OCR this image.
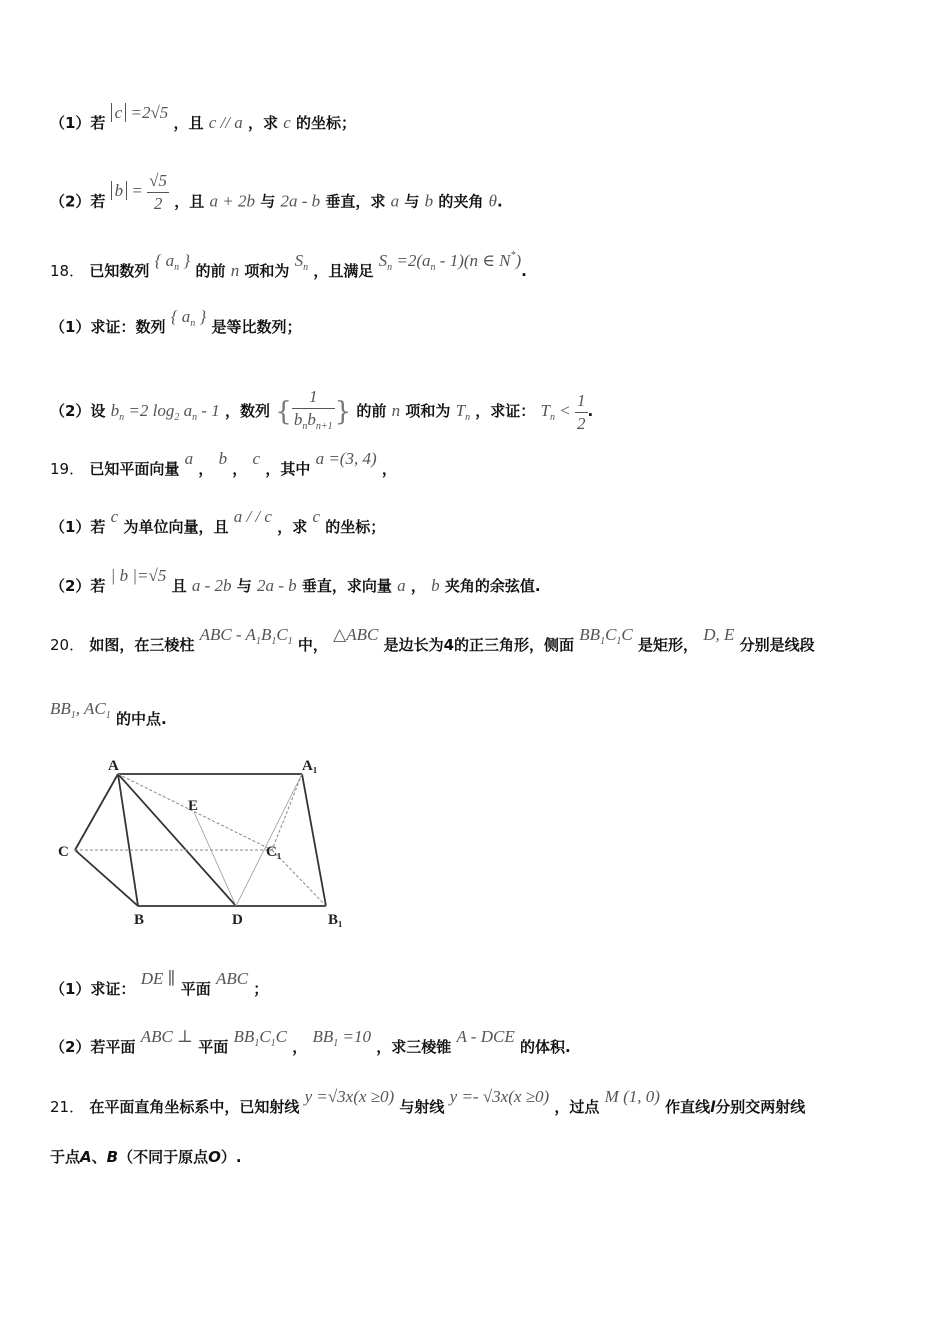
（1）若 c =2√5 ，且 c // a ，求 c 的坐标；
（2）若 $b = \frac{√5}{2}$ ，且 a + 2b 与 2a - b 垂直，求 a 与 b 的夹角 θ.
18． 已知数列 { $a_n$ } 的前 n 项和为 $S_n$ ，且满足 $S_n =2(a_n - 1)(n$ ∈ N*).
（1）求证：数列 { $a_n$ } 是等比数列；
（2）设 $b_n =2$ $\log_2 a_n - 1$ ，数列 { $\frac{1}{b_nb_{n+1}}$ } 的前 n 项和为 $T_n$ ，求证： $T_n < \frac{1}{2}$ .
19． 已知平面向量 a ， b ， c ，其中 a =(3, 4) ，
（1）若 c 为单位向量，且 a / / c ，求 c 的坐标；
（2）若 | b |=√5 且 a - 2b 与 2a - b 垂直，求向量 a ， b 夹角的余弦值.
20． 如图，在三棱柱 ABC - $A_1B_1C_1$ 中， △ABC 是边长为4的正三角形，侧面 $BB_1C_1C$ 是矩形， D, E 分别是线段
$BB_1$, $AC_1$ 的中点.
A	A₁
E
C	C₁
B	D	B₁
（1）求证： DE ∥ 平面 ABC ；
（2）若平面 ABC ⊥ 平面 $BB_1C_1C$ ， $BB_1 =10$ ，求三棱锥 A - DCE 的体积.
21． 在平面直角坐标系中，已知射线 y =√3x(x ≥0) 与射线 y =- √3x(x ≥0) ，过点 M (1, 0) 作直线l分别交两射线
于点A、B（不同于原点O）.
